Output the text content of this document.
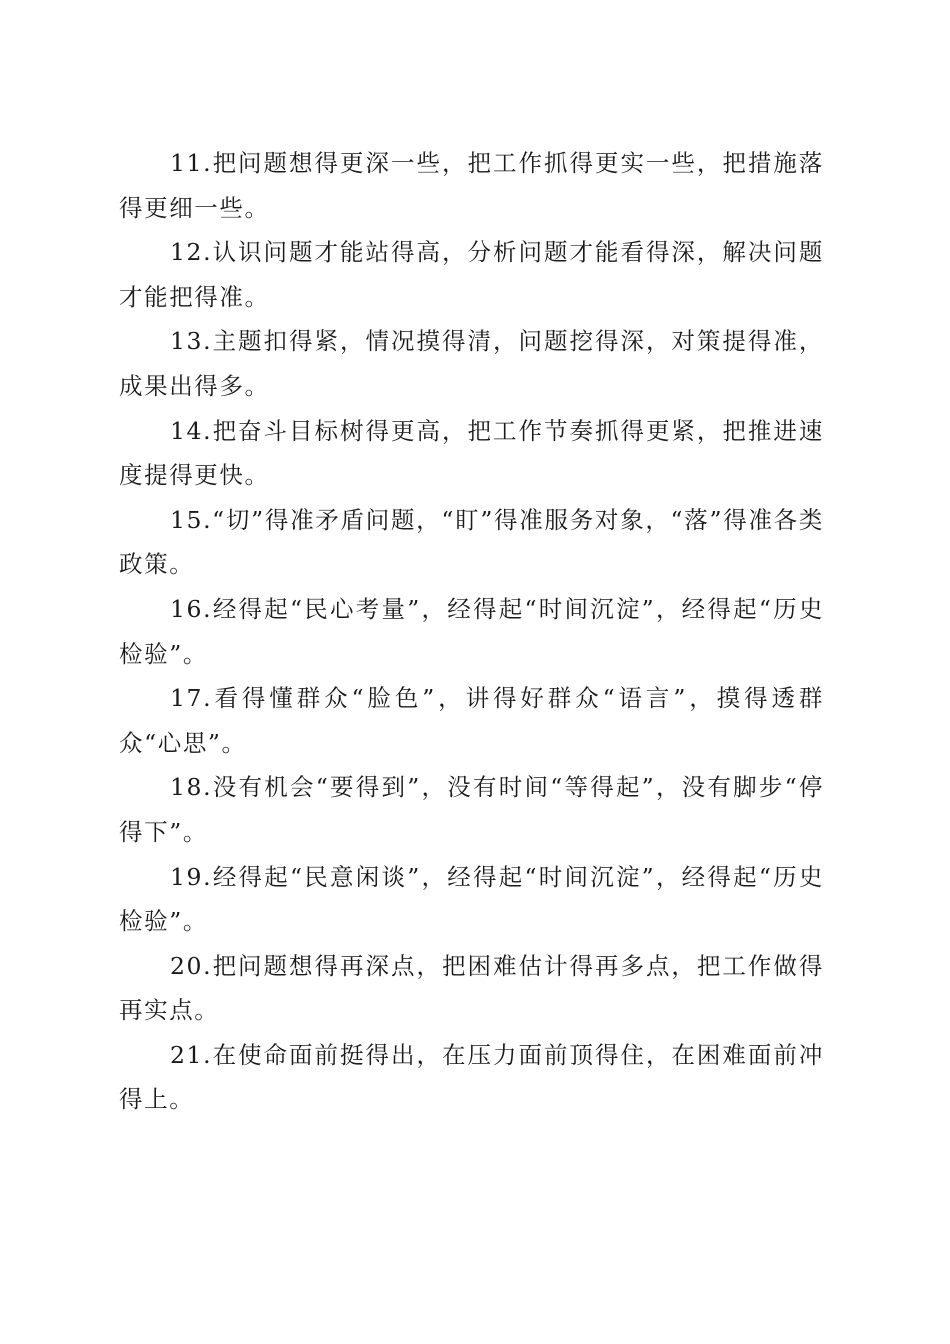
11.把问题想得更深一些，把工作抓得更实一些，把措施落得更细一些。

12.认识问题才能站得高，分析问题才能看得深，解决问题才能把得准。

13.主题扣得紧，情况摸得清，问题挖得深，对策提得准，成果出得多。

14.把奋斗目标树得更高，把工作节奏抓得更紧，把推进速度提得更快。

15.“切”得准矛盾问题，“盯”得准服务对象，“落”得准各类政策。

16.经得起“民心考量”，经得起“时间沉淀”，经得起“历史检验”。

17.看得懂群众“脸色”，讲得好群众“语言”，摸得透群众“心思”。

18.没有机会“要得到”，没有时间“等得起”，没有脚步“停得下”。

19.经得起“民意闲谈”，经得起“时间沉淀”，经得起“历史检验”。

20.把问题想得再深点，把困难估计得再多点，把工作做得再实点。

21.在使命面前挺得出，在压力面前顶得住，在困难面前冲得上。
